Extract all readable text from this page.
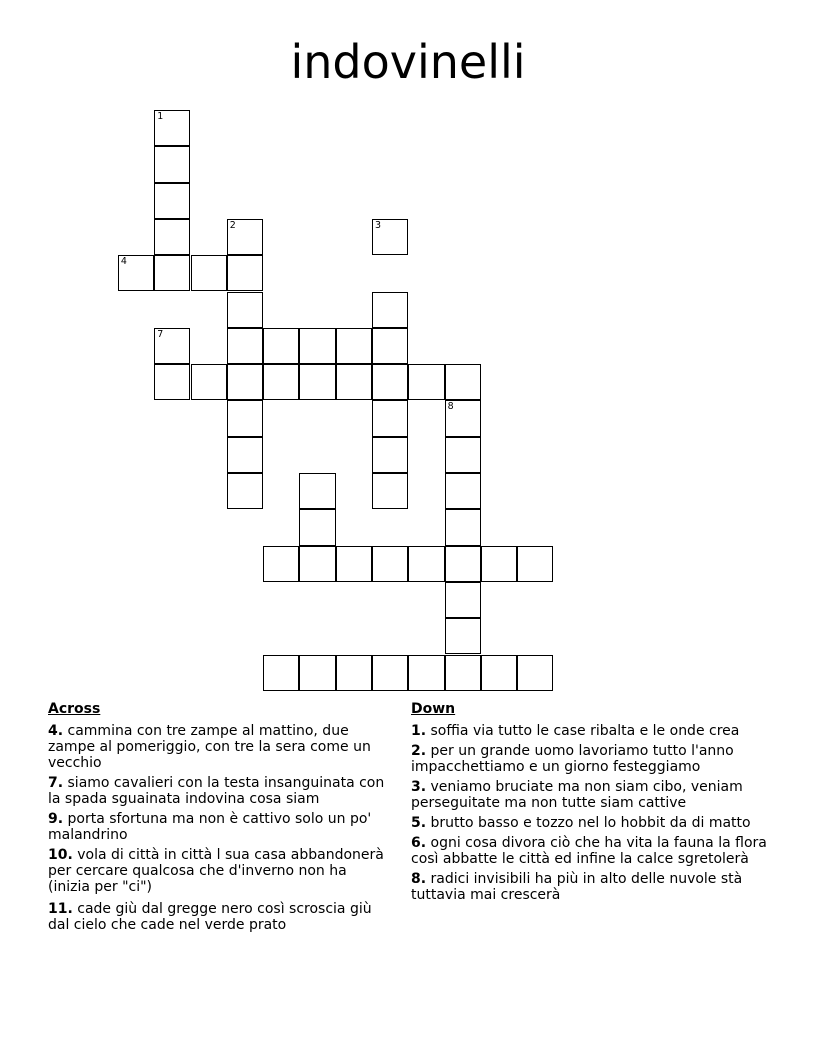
indovinelli
1
4
2
7
3
8
Across
4. cammina con tre zampe al mattino, due zampe al pomeriggio, con tre la sera come un vecchio
7. siamo cavalieri con la testa insanguinata con la spada sguainata indovina cosa siam
9. porta sfortuna ma non è cattivo solo un po' malandrino
10. vola di città in città l sua casa abbandonerà per cercare qualcosa che d'inverno non ha (inizia per "ci")
11. cade giù dal gregge nero così scroscia giù dal cielo che cade nel verde prato
Down
1. soffia via tutto le case ribalta e le onde crea
2. per un grande uomo lavoriamo tutto l'anno impacchettiamo e un giorno festeggiamo
3. veniamo bruciate ma non siam cibo, veniam perseguitate ma non tutte siam cattive
5. brutto basso e tozzo nel lo hobbit da di matto
6. ogni cosa divora ciò che ha vita la fauna la flora così abbatte le città ed infine la calce sgretolerà
8. radici invisibili ha più in alto delle nuvole stà tuttavia mai crescerà
